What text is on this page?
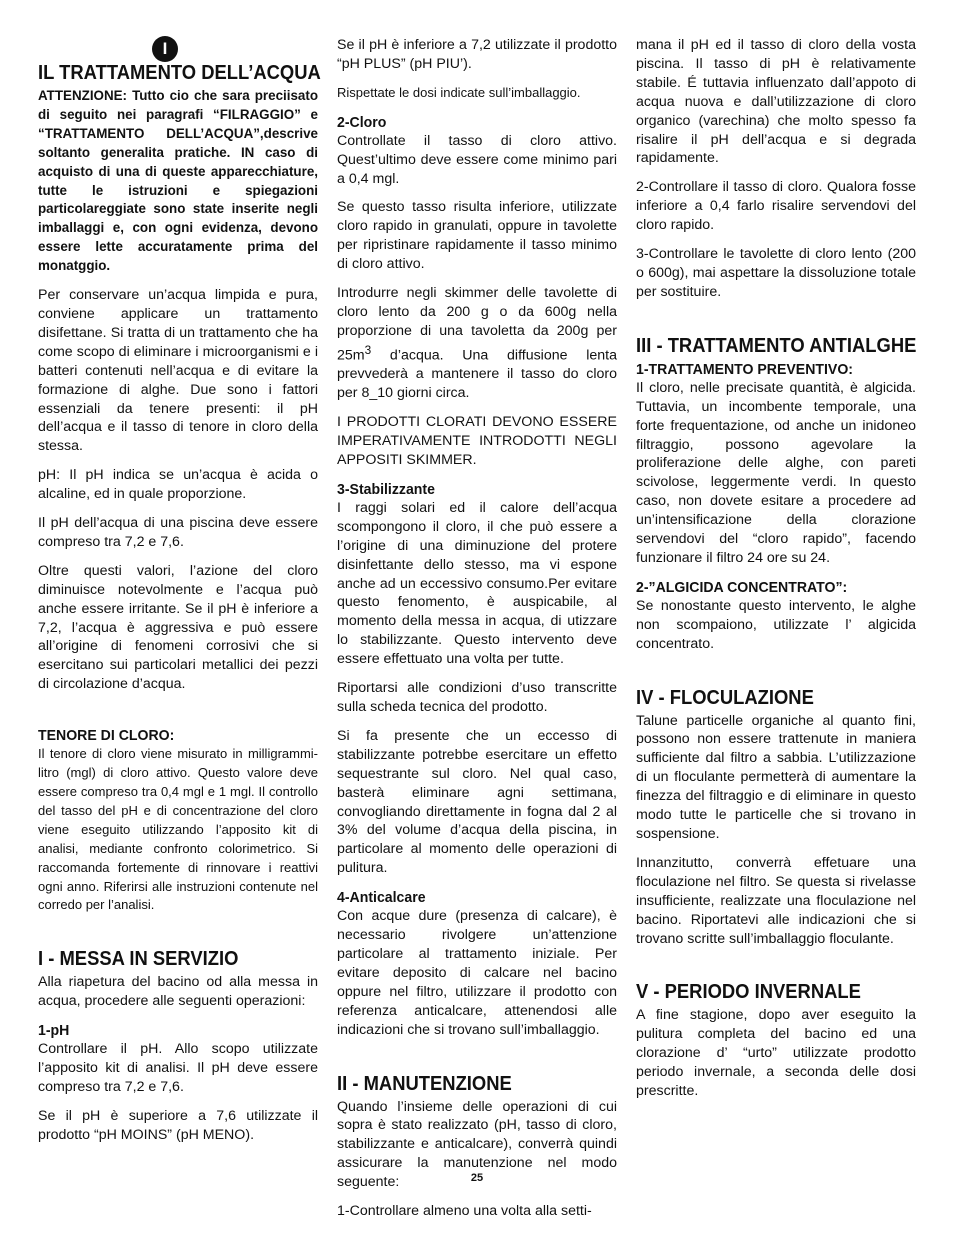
I
IL TRATTAMENTO DELL’ACQUA

ATTENZIONE: Tutto cio che sara preciisato di seguito nei paragrafi “FILRAGGIO” e “TRATTAMENTO DELL’ACQUA”,descrive soltanto generalita pratiche. IN caso di acquisto di una di queste apparecchiature, tutte le istruzioni e spiegazioni particolareggiate sono state inserite negli imballaggi e, con ogni evidenza, devono essere lette accuratamente prima del monatggio.

Per conservare un’acqua limpida e pura, conviene applicare un trattamento disifettane. Si tratta di un trattamento che ha come scopo di eliminare i microorganismi e i batteri contenuti nell’acqua e di evitare la formazione di alghe. Due sono i fattori essenziali da tenere presenti: il pH dell’acqua e il tasso di tenore in cloro della stessa.

pH: Il pH indica se un’acqua è acida o alcaline, ed in quale proporzione.

Il pH dell’acqua di una piscina deve essere compreso tra 7,2 e 7,6.

Oltre questi valori, l’azione del cloro diminuisce notevolmente e l’acqua può anche essere irritante. Se il pH è inferiore a 7,2, l’acqua è aggressiva e può essere all’origine di fenomeni corrosivi che si esercitano sui particolari metallici dei pezzi di circolazione d’acqua.

TENORE DI CLORO:

Il tenore di cloro viene misurato in milligrammi-litro (mgl) di cloro attivo. Questo valore deve essere compreso tra 0,4 mgl e 1 mgl. Il controllo del tasso del pH e di concentrazione del cloro viene eseguito utilizzando l’apposito kit di analisi, mediante confronto colorimetrico. Si raccomanda fortemente di rinnovare i reattivi ogni anno. Riferirsi alle instruzioni contenute nel corredo per l’analisi.

I - MESSA IN SERVIZIO

Alla riapetura del bacino od alla messa in acqua, procedere alle seguenti operazioni:

1-pH

Controllare il pH. Allo scopo utilizzate l’apposito kit di analisi. Il pH deve essere compreso tra 7,2 e 7,6.

Se il pH è superiore a 7,6 utilizzate il prodotto “pH MOINS” (pH MENO).

Se il pH è inferiore a 7,2 utilizzate il prodotto “pH PLUS” (pH PIU’).

Rispettate le dosi indicate sull’imballaggio.

2-Cloro

Controllate il tasso di cloro attivo. Quest’ultimo deve essere come minimo pari a 0,4 mgl.

Se questo tasso risulta inferiore, utilizzate cloro rapido in granulati, oppure in tavolette per ripristinare rapidamente il tasso minimo di cloro attivo.

Introdurre negli skimmer delle tavolette di cloro lento da 200 g o da 600g nella proporzione di una tavoletta da 200g per $25m^3$ d’acqua. Una diffusione lenta prevvederà a mantenere il tasso do cloro per 8_10 giorni circa.

I PRODOTTI CLORATI DEVONO ESSERE IMPERATIVAMENTE INTRODOTTI NEGLI APPOSITI SKIMMER.

3-Stabilizzante

I raggi solari ed il calore dell’acqua scompongono il cloro, il che può essere a l’origine di una diminuzione del protere disinfettante dello stesso, ma vi espone anche ad un eccessivo consumo.Per evitare questo fenomento, è auspicabile, al momento della messa in acqua, di utizzare lo stabilizzante. Questo intervento deve essere effettuato una volta per tutte.

Riportarsi alle condizioni d’uso transcritte sulla scheda tecnica del prodotto.

Si fa presente che un eccesso di stabilizzante potrebbe esercitare un effetto sequestrante sul cloro. Nel qual caso, basterà eliminare agni settimana, convogliando direttamente in fogna dal 2 al 3% del volume d’acqua della piscina, in particolare al momento delle operazioni di pulitura.

4-Anticalcare

Con acque dure (presenza di calcare), è necessario rivolgere un’attenzione particolare al trattamento iniziale. Per evitare deposito di calcare nel bacino oppure nel filtro, utilizzare il prodotto con referenza anticalcare, attenendosi alle indicazioni che si trovano sull’imballaggio.

II - MANUTENZIONE

Quando l’insieme delle operazioni di cui sopra è stato realizzato (pH, tasso di cloro, stabilizzante e anticalcare), converrà quindi assicurare la manutenzione nel modo seguente:

1-Controllare almeno una volta alla setti-

mana il pH ed il tasso di cloro della vosta piscina. Il tasso di pH è relativamente stabile. É tuttavia influenzato dall’appoto di acqua nuova e dall’utilizzazione di cloro organico (varechina) che molto spesso fa risalire il pH dell’acqua e si degrada rapidamente.

2-Controllare il tasso di cloro. Qualora fosse inferiore a 0,4 farlo risalire servendovi del cloro rapido.

3-Controllare le tavolette di cloro lento (200 o 600g), mai aspettare la dissoluzione totale per sostituire.

III - TRATTAMENTO ANTIALGHE
1-TRATTAMENTO PREVENTIVO:

Il cloro, nelle precisate quantità, è algicida. Tuttavia, un incombente temporale, una forte frequentazione, od anche un inidoneo filtraggio, possono agevolare la proliferazione delle alghe, con pareti scivolose, leggermente verdi. In questo caso, non dovete esitare a procedere ad un’intensificazione della clorazione servendovi del “cloro rapido”, facendo funzionare il filtro 24 ore su 24.

2-”ALGICIDA CONCENTRATO”:

Se nonostante questo intervento, le alghe non scompaiono, utilizzate l’ algicida concentrato.

IV - FLOCULAZIONE

Talune particelle organiche al quanto fini, possono non essere trattenute in maniera sufficiente dal filtro a sabbia. L’utilizzazione di un floculante permetterà di aumentare la finezza del filtraggio e di eliminare in questo modo tutte le particelle che si trovano in sospensione.

Innanzitutto, converrà effetuare una floculazione nel filtro. Se questa si rivelasse insufficiente, realizzate una floculazione nel bacino. Riportatevi alle indicazioni che si trovano scritte sull’imballaggio floculante.

V - PERIODO INVERNALE

A fine stagione, dopo aver eseguito la pulitura completa del bacino ed una clorazione d’ “urto” utilizzate prodotto periodo invernale, a seconda delle dosi prescritte.

25
